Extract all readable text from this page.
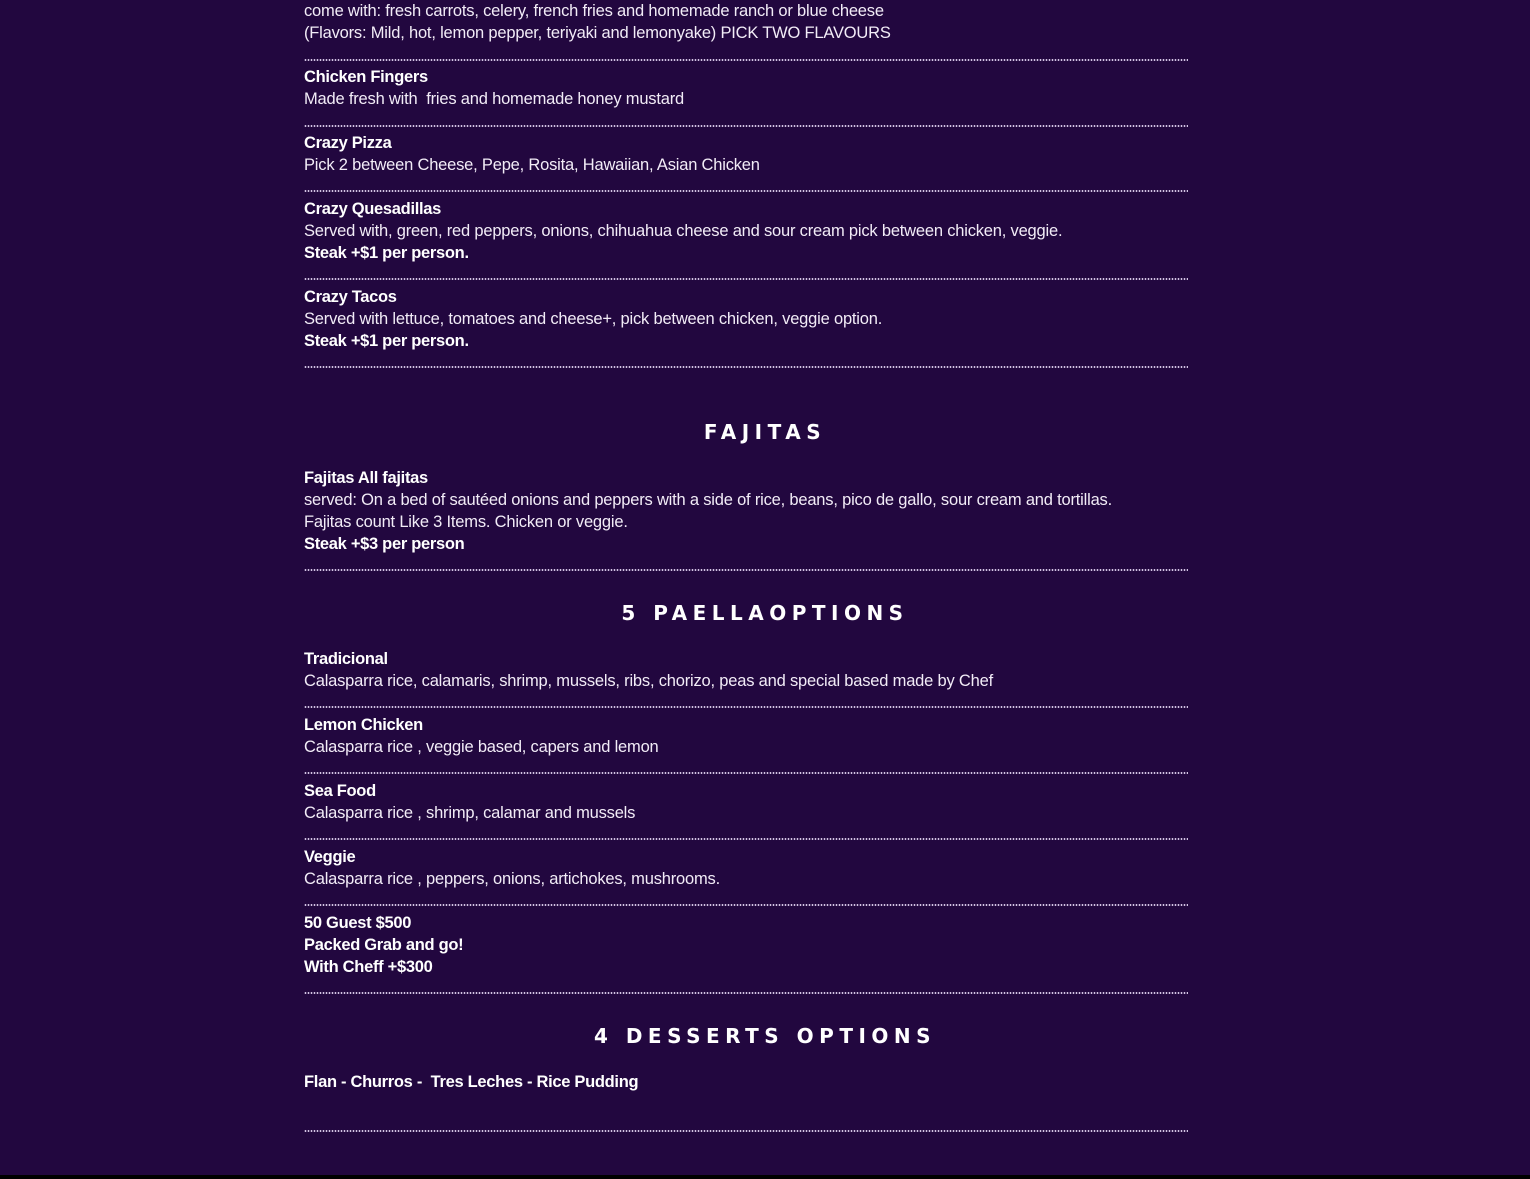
come with: fresh carrots, celery, french fries and homemade ranch or blue cheese
(Flavors: Mild, hot, lemon pepper, teriyaki and lemonyake) PICK TWO FLAVOURS
Chicken Fingers
Made fresh with  fries and homemade honey mustard
Crazy Pizza
Pick 2 between Cheese, Pepe, Rosita, Hawaiian, Asian Chicken
Crazy Quesadillas
Served with, green, red peppers, onions, chihuahua cheese and sour cream pick between chicken, veggie.
Steak +$1 per person.
Crazy Tacos
Served with lettuce, tomatoes and cheese+, pick between chicken, veggie option.
Steak +$1 per person.
Fajitas All fajitas
served: On a bed of sautéed onions and peppers with a side of rice, beans, pico de gallo, sour cream and tortillas.
Fajitas count Like 3 Items. Chicken or veggie.
Steak +$3 per person
Tradicional
Calasparra rice, calamaris, shrimp, mussels, ribs, chorizo, peas and special based made by Chef
Lemon Chicken
Calasparra rice , veggie based, capers and lemon
Sea Food
Calasparra rice , shrimp, calamar and mussels
Veggie
Calasparra rice , peppers, onions, artichokes, mushrooms.
50 Guest $500
Packed Grab and go!
With Cheff +$300
Flan - Churros -  Tres Leches - Rice Pudding
FAJITAS
5 PAELLAOPTIONS
4 DESSERTS OPTIONS
